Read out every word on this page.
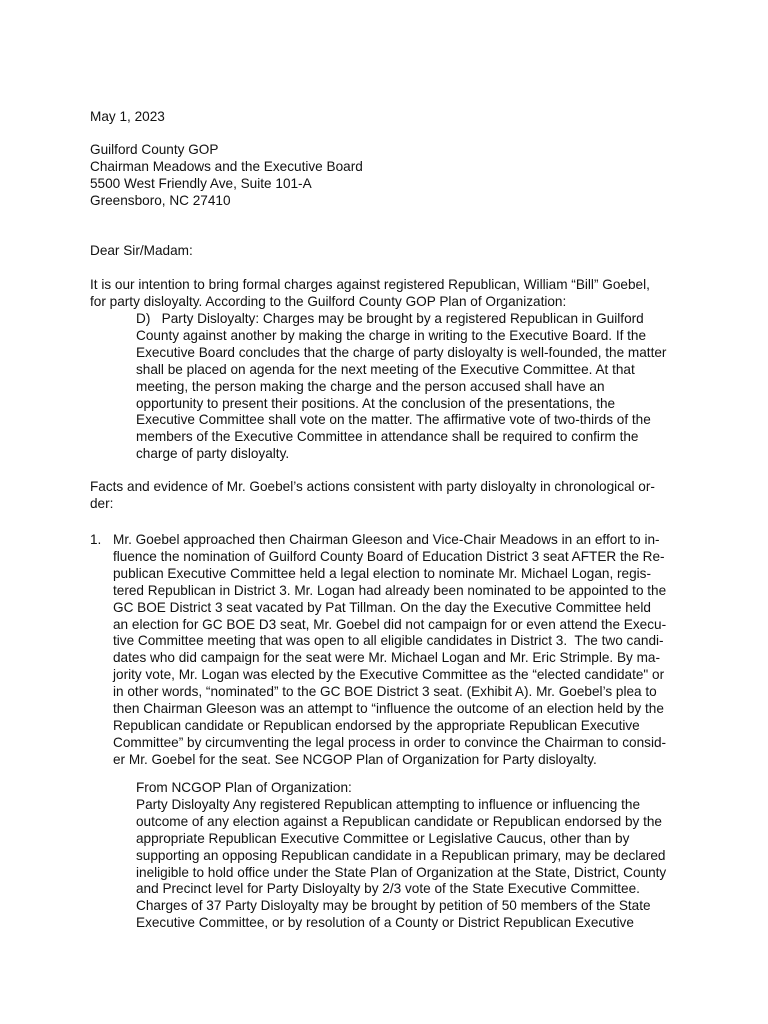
May 1, 2023

Guilford County GOP
Chairman Meadows and the Executive Board
5500 West Friendly Ave, Suite 101-A
Greensboro, NC 27410

Dear Sir/Madam:

It is our intention to bring formal charges against registered Republican, William “Bill” Goebel,
for party disloyalty. According to the Guilford County GOP Plan of Organization:

D)   Party Disloyalty: Charges may be brought by a registered Republican in Guilford
County against another by making the charge in writing to the Executive Board. If the
Executive Board concludes that the charge of party disloyalty is well-founded, the matter
shall be placed on agenda for the next meeting of the Executive Committee. At that
meeting, the person making the charge and the person accused shall have an
opportunity to present their positions. At the conclusion of the presentations, the
Executive Committee shall vote on the matter. The affirmative vote of two-thirds of the
members of the Executive Committee in attendance shall be required to confirm the
charge of party disloyalty.

Facts and evidence of Mr. Goebel’s actions consistent with party disloyalty in chronological or-
der:

1. Mr. Goebel approached then Chairman Gleeson and Vice-Chair Meadows in an effort to in-
fluence the nomination of Guilford County Board of Education District 3 seat AFTER the Re-
publican Executive Committee held a legal election to nominate Mr. Michael Logan, regis-
tered Republican in District 3. Mr. Logan had already been nominated to be appointed to the
GC BOE District 3 seat vacated by Pat Tillman. On the day the Executive Committee held
an election for GC BOE D3 seat, Mr. Goebel did not campaign for or even attend the Execu-
tive Committee meeting that was open to all eligible candidates in District 3.  The two candi-
dates who did campaign for the seat were Mr. Michael Logan and Mr. Eric Strimple. By ma-
jority vote, Mr. Logan was elected by the Executive Committee as the “elected candidate" or
in other words, “nominated” to the GC BOE District 3 seat. (Exhibit A). Mr. Goebel’s plea to
then Chairman Gleeson was an attempt to “influence the outcome of an election held by the
Republican candidate or Republican endorsed by the appropriate Republican Executive
Committee” by circumventing the legal process in order to convince the Chairman to consid-
er Mr. Goebel for the seat. See NCGOP Plan of Organization for Party disloyalty.

From NCGOP Plan of Organization:
Party Disloyalty Any registered Republican attempting to influence or influencing the
outcome of any election against a Republican candidate or Republican endorsed by the
appropriate Republican Executive Committee or Legislative Caucus, other than by
supporting an opposing Republican candidate in a Republican primary, may be declared
ineligible to hold office under the State Plan of Organization at the State, District, County
and Precinct level for Party Disloyalty by 2/3 vote of the State Executive Committee.
Charges of 37 Party Disloyalty may be brought by petition of 50 members of the State
Executive Committee, or by resolution of a County or District Republican Executive
